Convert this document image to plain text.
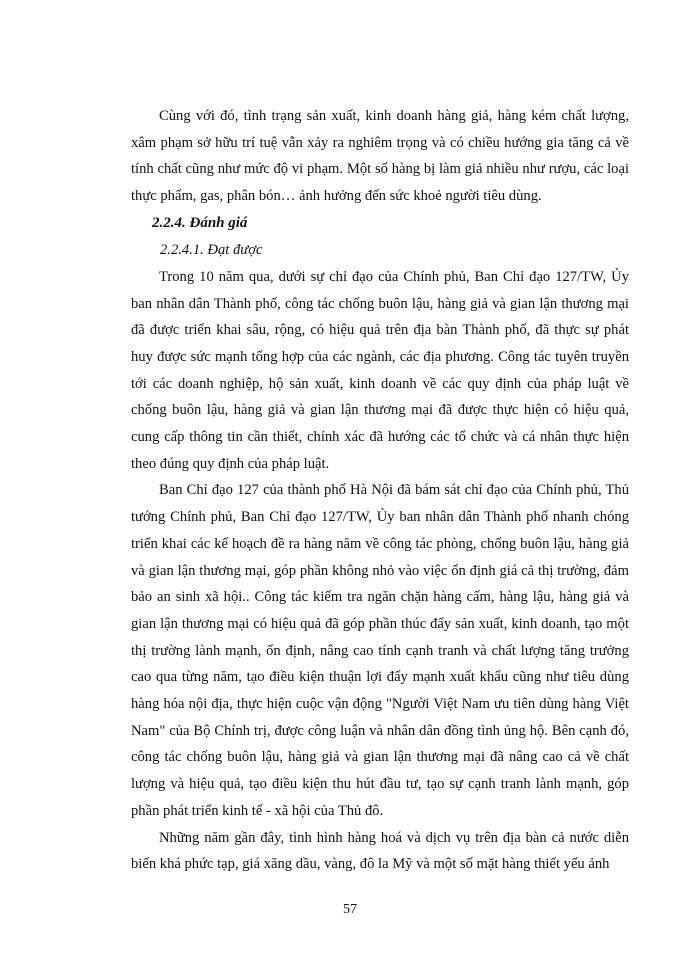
Cùng với đó, tình trạng sản xuất, kinh doanh hàng giả, hàng kém chất lượng, xâm phạm sở hữu trí tuệ vẫn xảy ra nghiêm trọng và có chiều hướng gia tăng cả về tính chất cũng như mức độ vi phạm. Một số hàng bị làm giả nhiều như rượu, các loại thực phẩm, gas, phân bón… ảnh hưởng đến sức khoẻ người tiêu dùng.

2.2.4. Đánh giá

2.2.4.1. Đạt được

Trong 10 năm qua, dưới sự chỉ đạo của Chính phủ, Ban Chỉ đạo 127/TW, Ủy ban nhân dân Thành phố, công tác chống buôn lậu, hàng giả và gian lận thương mại đã được triển khai sâu, rộng, có hiệu quả trên địa bàn Thành phố, đã thực sự phát huy được sức mạnh tổng hợp của các ngành, các địa phương. Công tác tuyên truyền tới các doanh nghiệp, hộ sản xuất, kinh doanh về các quy định của pháp luật về chống buôn lậu, hàng giả và gian lận thương mại đã được thực hiện có hiệu quả, cung cấp thông tin cần thiết, chính xác đã hướng các tổ chức và cá nhân thực hiện theo đúng quy định của pháp luật.

Ban Chỉ đạo 127 của thành phố Hà Nội đã bám sát chỉ đạo của Chính phủ, Thủ tướng Chính phủ, Ban Chỉ đạo 127/TW, Ủy ban nhân dân Thành phố nhanh chóng triển khai các kế hoạch đề ra hàng năm về công tác phòng, chống buôn lậu, hàng giả và gian lận thương mại, góp phần không nhỏ vào việc ổn định giá cả thị trường, đảm bảo an sinh xã hội.. Công tác kiểm tra ngăn chặn hàng cấm, hàng lậu, hàng giả và gian lận thương mại có hiệu quả đã góp phần thúc đẩy sản xuất, kinh doanh, tạo một thị trường lành mạnh, ổn định, nâng cao tính cạnh tranh và chất lượng tăng trưởng cao qua từng năm, tạo điều kiện thuận lợi đẩy mạnh xuất khẩu cũng như tiêu dùng hàng hóa nội địa, thực hiện cuộc vận động "Người Việt Nam ưu tiên dùng hàng Việt Nam" của Bộ Chính trị, được công luận và nhân dân đồng tình ủng hộ. Bên cạnh đó, công tác chống buôn lậu, hàng giả và gian lận thương mại đã nâng cao cả về chất lượng và hiệu quả, tạo điều kiện thu hút đầu tư, tạo sự cạnh tranh lành mạnh, góp phần phát triển kinh tế - xã hội của Thủ đô.

Những năm gần đây, tình hình hàng hoá và dịch vụ trên địa bàn cả nước diễn biến khá phức tạp, giá xăng dầu, vàng, đô la Mỹ và một số mặt hàng thiết yếu ảnh

57
